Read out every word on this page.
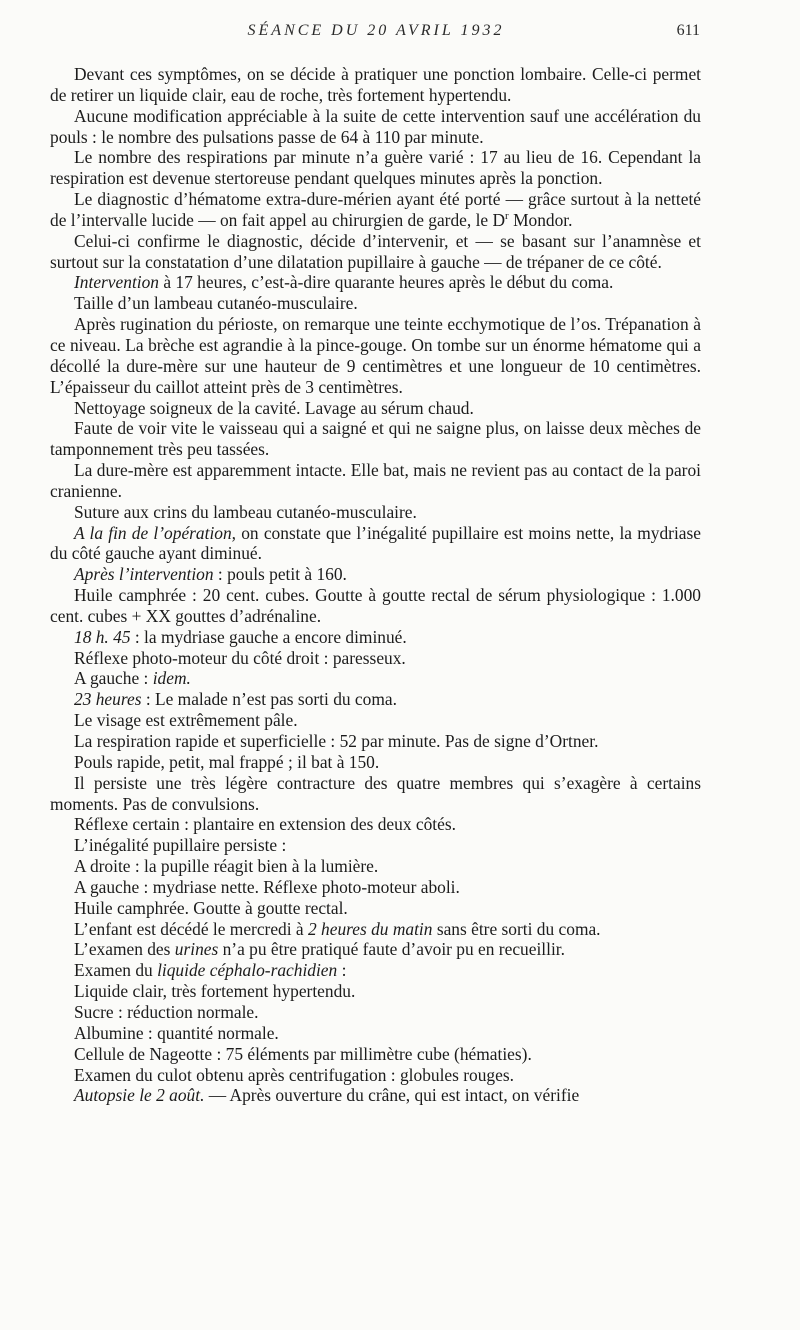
SÉANCE DU 20 AVRIL 1932	611

Devant ces symptômes, on se décide à pratiquer une ponction lombaire. Celle-ci permet de retirer un liquide clair, eau de roche, très fortement hypertendu.

Aucune modification appréciable à la suite de cette intervention sauf une accélération du pouls : le nombre des pulsations passe de 64 à 110 par minute.

Le nombre des respirations par minute n’a guère varié : 17 au lieu de 16. Cependant la respiration est devenue stertoreuse pendant quelques minutes après la ponction.

Le diagnostic d’hématome extra-dure-mérien ayant été porté — grâce surtout à la netteté de l’intervalle lucide — on fait appel au chirurgien de garde, le $D^r$ Mondor.

Celui-ci confirme le diagnostic, décide d’intervenir, et — se basant sur l’anamnèse et surtout sur la constatation d’une dilatation pupillaire à gauche — de trépaner de ce côté.

Intervention à 17 heures, c’est-à-dire quarante heures après le début du coma.

Taille d’un lambeau cutanéo-musculaire.

Après rugination du périoste, on remarque une teinte ecchymotique de l’os. Trépanation à ce niveau. La brèche est agrandie à la pince-gouge. On tombe sur un énorme hématome qui a décollé la dure-mère sur une hauteur de 9 centimètres et une longueur de 10 centimètres. L’épaisseur du caillot atteint près de 3 centimètres.

Nettoyage soigneux de la cavité. Lavage au sérum chaud.

Faute de voir vite le vaisseau qui a saigné et qui ne saigne plus, on laisse deux mèches de tamponnement très peu tassées.

La dure-mère est apparemment intacte. Elle bat, mais ne revient pas au contact de la paroi cranienne.

Suture aux crins du lambeau cutanéo-musculaire.

A la fin de l’opération, on constate que l’inégalité pupillaire est moins nette, la mydriase du côté gauche ayant diminué.

Après l’intervention : pouls petit à 160.

Huile camphrée : 20 cent. cubes. Goutte à goutte rectal de sérum physiologique : 1.000 cent. cubes + XX gouttes d’adrénaline.

18 h. 45 : la mydriase gauche a encore diminué.

Réflexe photo-moteur du côté droit : paresseux.

A gauche : idem.

23 heures : Le malade n’est pas sorti du coma.

Le visage est extrêmement pâle.

La respiration rapide et superficielle : 52 par minute. Pas de signe d’Ortner.

Pouls rapide, petit, mal frappé ; il bat à 150.

Il persiste une très légère contracture des quatre membres qui s’exagère à certains moments. Pas de convulsions.

Réflexe certain : plantaire en extension des deux côtés.

L’inégalité pupillaire persiste :

A droite : la pupille réagit bien à la lumière.

A gauche : mydriase nette. Réflexe photo-moteur aboli.

Huile camphrée. Goutte à goutte rectal.

L’enfant est décédé le mercredi à 2 heures du matin sans être sorti du coma.

L’examen des urines n’a pu être pratiqué faute d’avoir pu en recueillir.

Examen du liquide céphalo-rachidien :

Liquide clair, très fortement hypertendu.

Sucre : réduction normale.

Albumine : quantité normale.

Cellule de Nageotte : 75 éléments par millimètre cube (hématies).

Examen du culot obtenu après centrifugation : globules rouges.

Autopsie le 2 août. — Après ouverture du crâne, qui est intact, on vérifie
